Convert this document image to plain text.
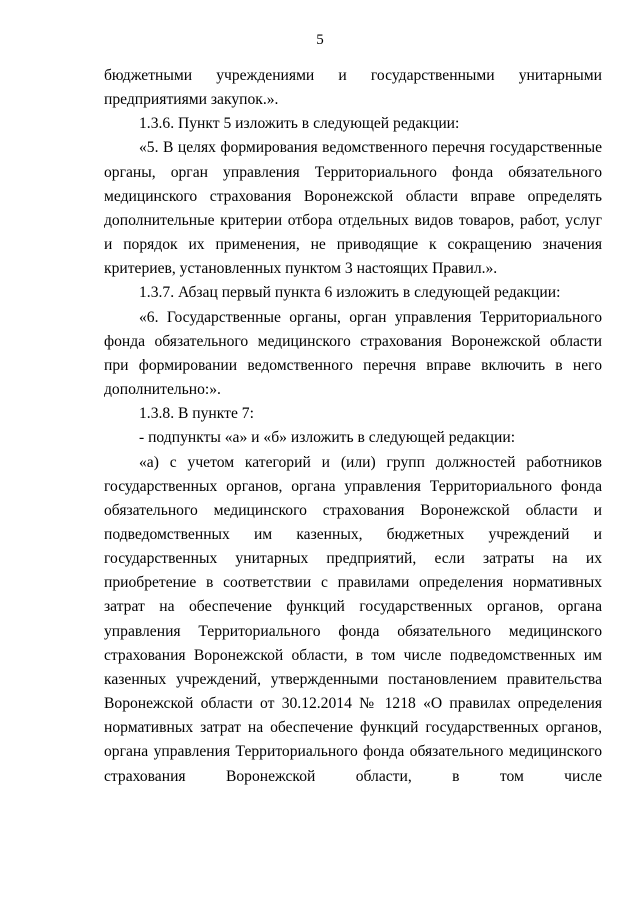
5

бюджетными учреждениями и государственными унитарными предприятиями закупок.».

1.3.6. Пункт 5 изложить в следующей редакции:

«5. В целях формирования ведомственного перечня государственные органы, орган управления Территориального фонда обязательного медицинского страхования Воронежской области вправе определять дополнительные критерии отбора отдельных видов товаров, работ, услуг и порядок их применения, не приводящие к сокращению значения критериев, установленных пунктом 3 настоящих Правил.».

1.3.7. Абзац первый пункта 6 изложить в следующей редакции:

«6. Государственные органы, орган управления Территориального фонда обязательного медицинского страхования Воронежской области при формировании ведомственного перечня вправе включить в него дополнительно:».

1.3.8. В пункте 7:

- подпункты «а» и «б» изложить в следующей редакции:

«а) с учетом категорий и (или) групп должностей работников государственных органов, органа управления Территориального фонда обязательного медицинского страхования Воронежской области и подведомственных им казенных, бюджетных учреждений и государственных унитарных предприятий, если затраты на их приобретение в соответствии с правилами определения нормативных затрат на обеспечение функций государственных органов, органа управления Территориального фонда обязательного медицинского страхования Воронежской области, в том числе подведомственных им казенных учреждений, утвержденными постановлением правительства Воронежской области от 30.12.2014 № 1218 «О правилах определения нормативных затрат на обеспечение функций государственных органов, органа управления Территориального фонда обязательного медицинского страхования Воронежской области, в том числе
